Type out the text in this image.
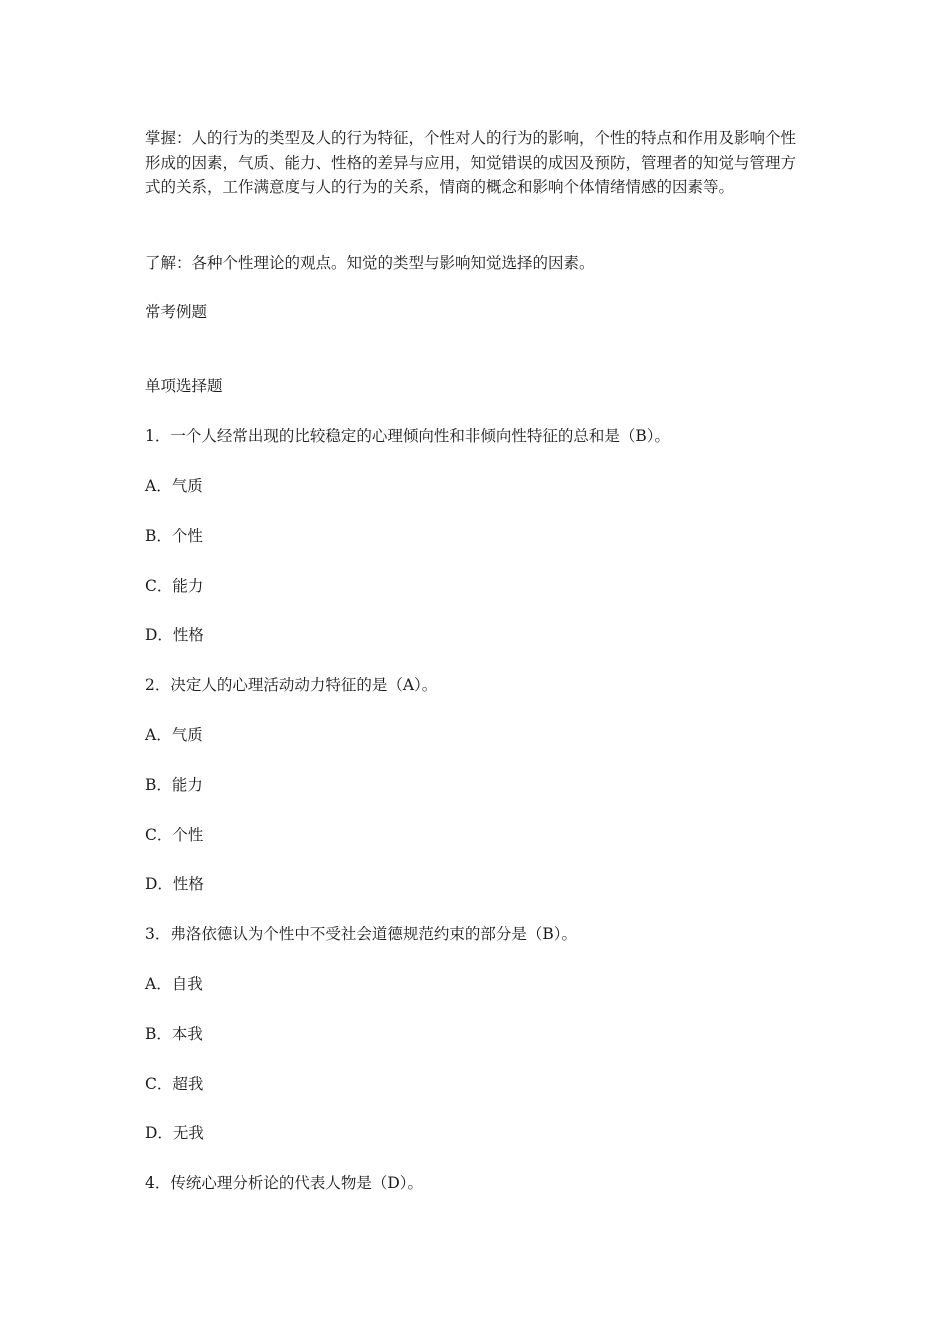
掌握：人的行为的类型及人的行为特征，个性对人的行为的影响，个性的特点和作用及影响个性形成的因素，气质、能力、性格的差异与应用，知觉错误的成因及预防，管理者的知觉与管理方式的关系，工作满意度与人的行为的关系，情商的概念和影响个体情绪情感的因素等。

了解：各种个性理论的观点。知觉的类型与影响知觉选择的因素。

常考例题

单项选择题

1．一个人经常出现的比较稳定的心理倾向性和非倾向性特征的总和是（B）。

A．气质

B．个性

C．能力

D．性格

2．决定人的心理活动动力特征的是（A）。

A．气质

B．能力

C．个性

D．性格

3．弗洛依德认为个性中不受社会道德规范约束的部分是（B）。

A．自我

B．本我

C．超我

D．无我

4．传统心理分析论的代表人物是（D）。
